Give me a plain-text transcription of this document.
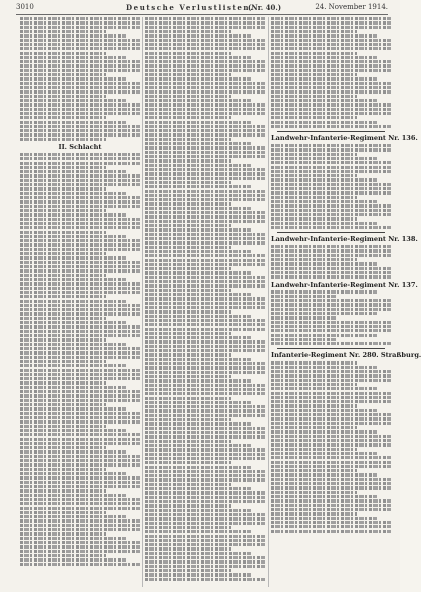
3010	Deutsche Verlustlisten.
(Nr. 40.)	24. November 1914.
II. Schlacht
Landwehr-Infanterie-Regiment Nr. 136.
Landwehr-Infanterie-Regiment Nr. 138.
Landwehr-Infanterie-Regiment Nr. 137.
Infanterie-Regiment Nr. 280. Straßburg.
